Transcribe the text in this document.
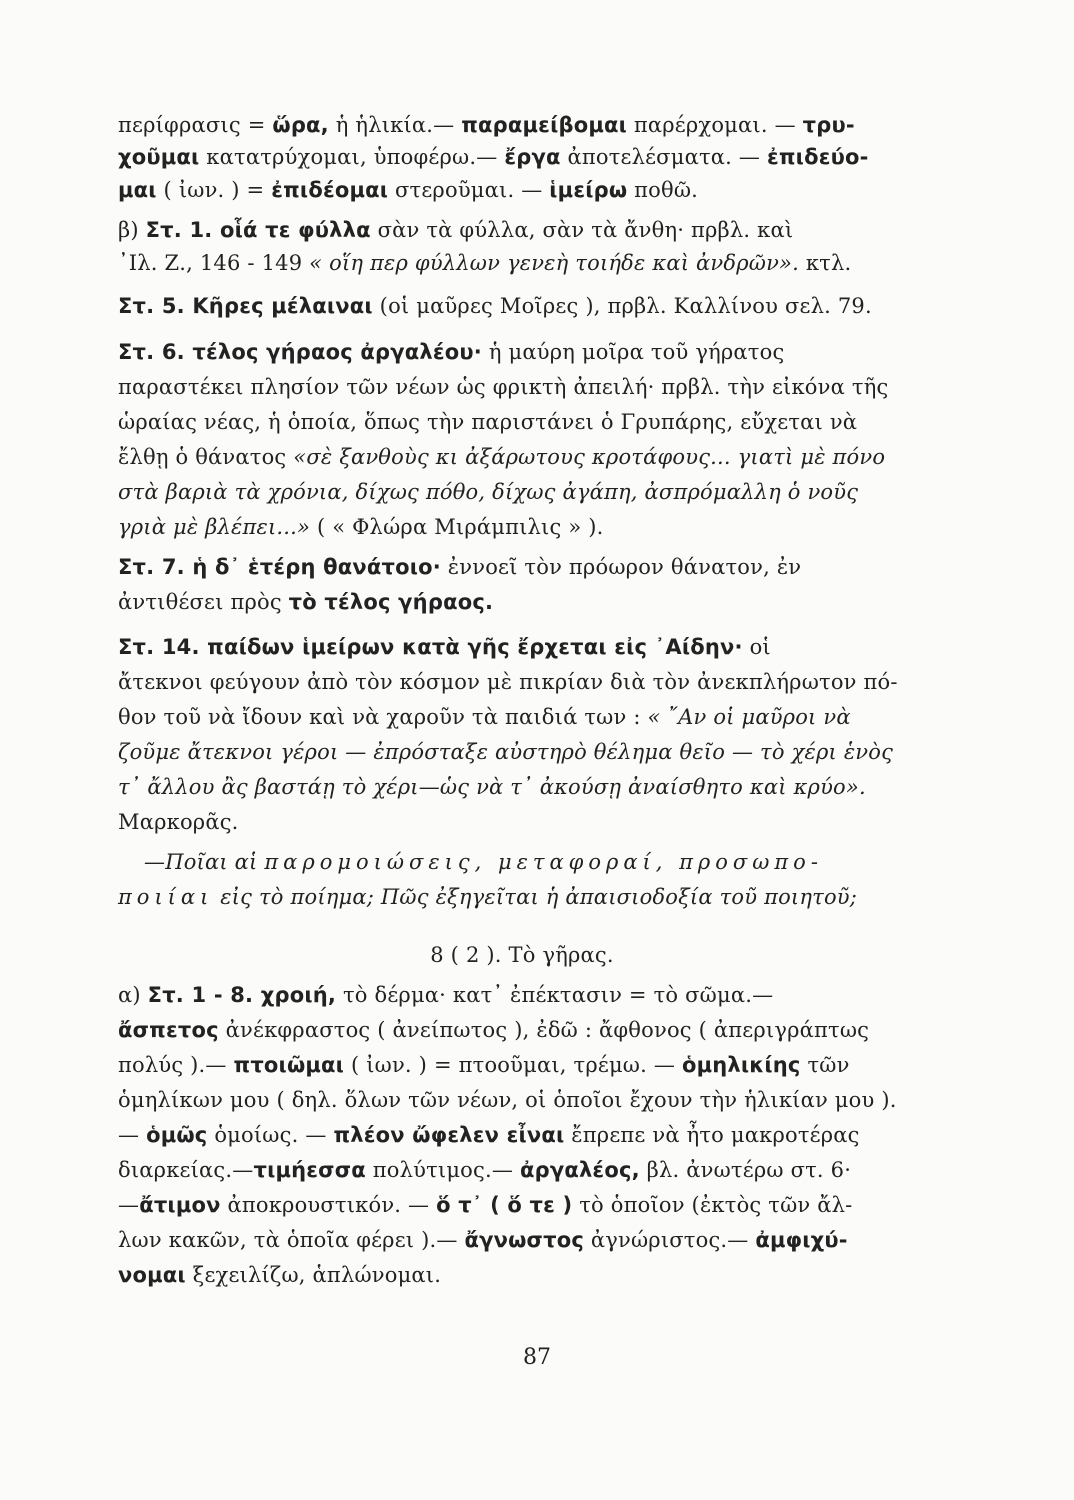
περίφρασις = ὥρα, ἡ ἡλικία.— παραμείβομαι παρέρχομαι. — τρυ-
χοῦμαι κατατρύχομαι, ὑποφέρω.— ἔργα ἀποτελέσματα. — ἐπιδεύο-
μαι ( ἰων. ) = ἐπιδέομαι στεροῦμαι. — ἱμείρω ποθῶ.
β) Στ. 1. οἷά τε φύλλα σὰν τὰ φύλλα, σὰν τὰ ἄνθη· πρβλ. καὶ
᾿Ιλ. Ζ., 146 - 149 « οἵη περ φύλλων γενεὴ τοιήδε καὶ ἀνδρῶν». κτλ.
Στ. 5. Κῆρες μέλαιναι (οἱ μαῦρες Μοῖρες ), πρβλ. Καλλίνου σελ. 79.
Στ. 6. τέλος γήραος ἀργαλέου· ἡ μαύρη μοῖρα τοῦ γήρατος
παραστέκει πλησίον τῶν νέων ὡς φρικτὴ ἀπειλή· πρβλ. τὴν εἰκόνα τῆς
ὡραίας νέας, ἡ ὁποία, ὅπως τὴν παριστάνει ὁ Γρυπάρης, εὔχεται νὰ
ἔλθῃ ὁ θάνατος «σὲ ξανθοὺς κι ἀξάρωτους κροτάφους... γιατὶ μὲ πόνο
στὰ βαριὰ τὰ χρόνια, δίχως πόθο, δίχως ἀγάπη, ἀσπρόμαλλη ὁ νοῦς
γριὰ μὲ βλέπει...» ( « Φλώρα Μιράμπιλις » ).
Στ. 7. ἡ δ᾿ ἑτέρη θανάτοιο· ἐννοεῖ τὸν πρόωρον θάνατον, ἐν
ἀντιθέσει πρὸς τὸ τέλος γήραος.
Στ. 14. παίδων ἱμείρων κατὰ γῆς ἔρχεται εἰς ᾿Αίδην· οἱ
ἄτεκνοι φεύγουν ἀπὸ τὸν κόσμον μὲ πικρίαν διὰ τὸν ἀνεκπλήρωτον πό-
θον τοῦ νὰ ἴδουν καὶ νὰ χαροῦν τὰ παιδιά των : « ῎Αν οἱ μαῦροι νὰ
ζοῦμε ἄτεκνοι γέροι — ἐπρόσταξε αὐστηρὸ θέλημα θεῖο — τὸ χέρι ἑνὸς
τ᾿ ἄλλου ἂς βαστάῃ τὸ χέρι—ὡς νὰ τ᾿ ἀκούσῃ ἀναίσθητο καὶ κρύο».
Μαρκορᾶς.
—Ποῖαι αἱ παρομοιώσεις, μεταφοραί, προσωπο-
ποιίαι εἰς τὸ ποίημα; Πῶς ἐξηγεῖται ἡ ἀπαισιοδοξία τοῦ ποιητοῦ;
8 ( 2 ). Τὸ γῆρας.
α) Στ. 1 - 8. χροιή, τὸ δέρμα· κατ᾿ ἐπέκτασιν = τὸ σῶμα.—
ἄσπετος ἀνέκφραστος ( ἀνείπωτος ), ἐδῶ : ἄφθονος ( ἀπεριγράπτως
πολύς ).— πτοιῶμαι ( ἰων. ) = πτοοῦμαι, τρέμω. — ὁμηλικίης τῶν
ὁμηλίκων μου ( δηλ. ὅλων τῶν νέων, οἱ ὁποῖοι ἔχουν τὴν ἡλικίαν μου ).
— ὁμῶς ὁμοίως. — πλέον ὤφελεν εἶναι ἔπρεπε νὰ ἦτο μακροτέρας
διαρκείας.—τιμήεσσα πολύτιμος.— ἀργαλέος, βλ. ἀνωτέρω στ. 6·
—ἄτιμον ἀποκρουστικόν. — ὅ τ᾿ ( ὅ τε ) τὸ ὁποῖον (ἐκτὸς τῶν ἄλ-
λων κακῶν, τὰ ὁποῖα φέρει ).— ἄγνωστος ἀγνώριστος.— ἀμφιχύ-
νομαι ξεχειλίζω, ἁπλώνομαι.
87
